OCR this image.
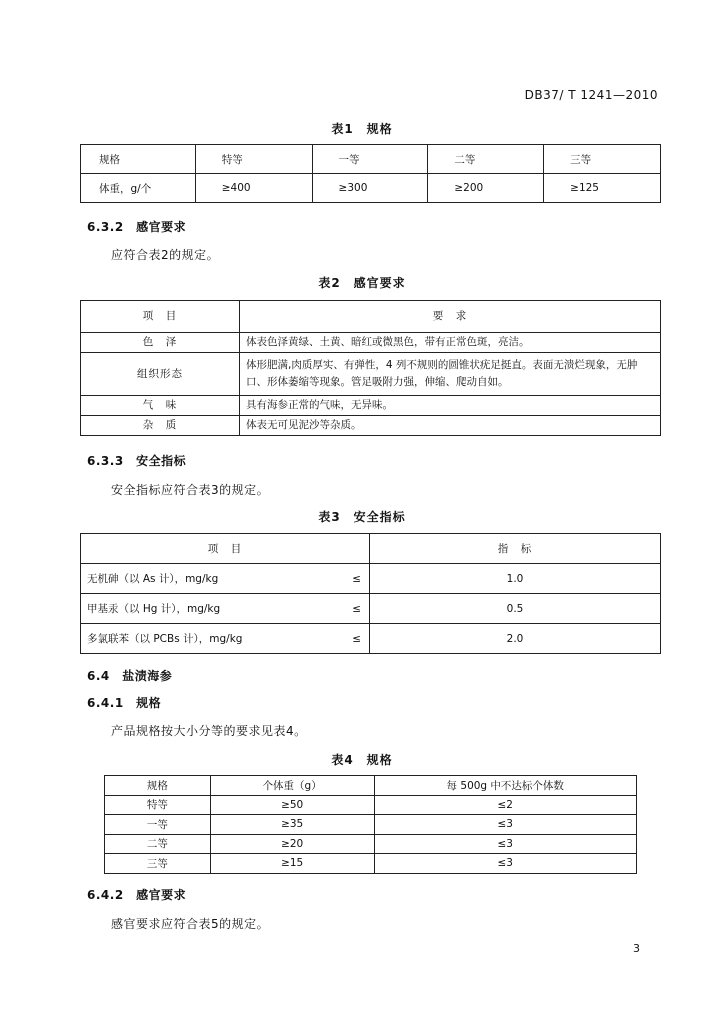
DB37/ T 1241—2010
表1　规格
规格	特等	一等	二等	三等
体重，g/个	≥400	≥300	≥200	≥125
6.3.2　感官要求
应符合表2的规定。
表2　感官要求
项　目	要　求
色　泽	体表色泽黄绿、土黄、暗红或微黑色，带有正常色斑，亮洁。
组织形态	体形肥满,肉质厚实、有弹性，4 列不规则的圆锥状疣足挺直。表面无溃烂现象，无肿
口、形体萎缩等现象。管足吸附力强，伸缩、爬动自如。

气　味	具有海参正常的气味，无异味。
杂　质	体表无可见泥沙等杂质。
6.3.3　安全指标
安全指标应符合表3的规定。
表3　安全指标
项　目		指　标
无机砷（以 As 计），mg/kg	≤	1.0
甲基汞（以 Hg 计），mg/kg	≤	0.5
多氯联苯（以 PCBs 计），mg/kg	≤	2.0
6.4　盐渍海参
6.4.1　规格
产品规格按大小分等的要求见表4。
表4　规格
规格	个体重（g）	每 500g 中不达标个体数
特等	≥50	≤2
一等	≥35	≤3
二等	≥20	≤3
三等	≥15	≤3
6.4.2　感官要求
感官要求应符合表5的规定。
3
